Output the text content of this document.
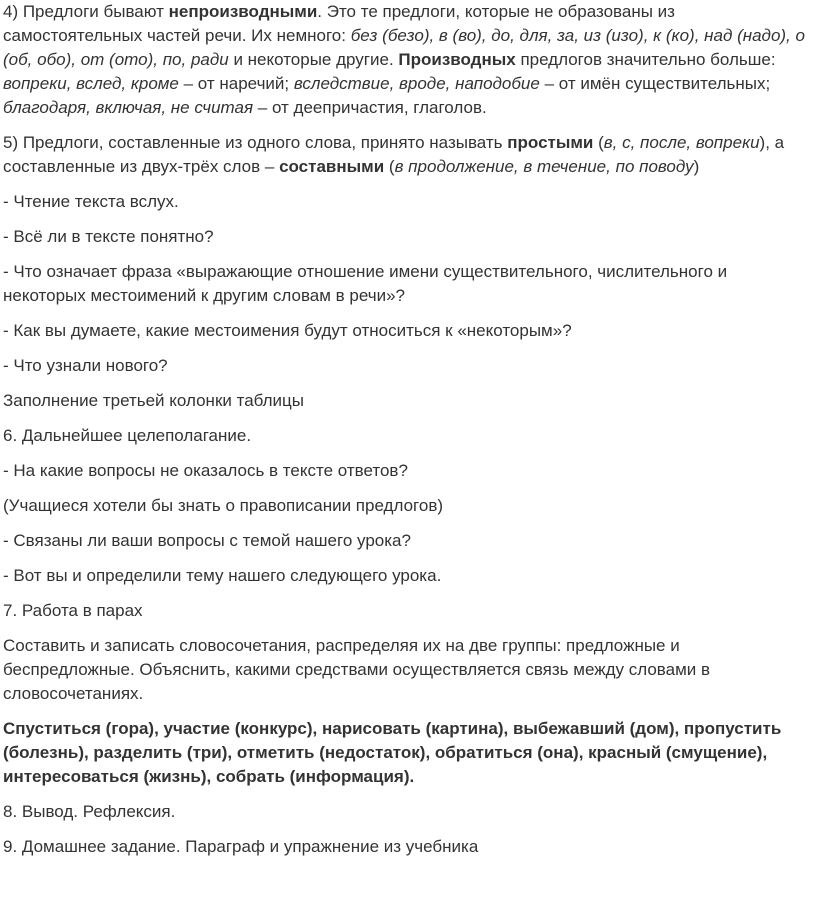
4) Предлоги бывают непроизводными. Это те предлоги, которые не образованы из самостоятельных частей речи. Их немного: без (безо), в (во), до, для, за, из (изо), к (ко), над (надо), о (об, обо), от (ото), по, ради и некоторые другие. Производных предлогов значительно больше: вопреки, вслед, кроме – от наречий; вследствие, вроде, наподобие – от имён существительных; благодаря, включая, не считая – от деепричастия, глаголов.

5) Предлоги, составленные из одного слова, принято называть простыми (в, с, после, вопреки), а составленные из двух-трёх слов – составными (в продолжение, в течение, по поводу)

- Чтение текста вслух.

- Всё ли в тексте понятно?

- Что означает фраза «выражающие отношение имени существительного, числительного и некоторых местоимений к другим словам в речи»?

- Как вы думаете, какие местоимения будут относиться к «некоторым»?

- Что узнали нового?

Заполнение третьей колонки таблицы

6. Дальнейшее целеполагание.

- На какие вопросы не оказалось в тексте ответов?

(Учащиеся хотели бы знать о правописании предлогов)

- Связаны ли ваши вопросы с темой нашего урока?

- Вот вы и определили тему нашего следующего урока.

7. Работа в парах

Составить и записать словосочетания, распределяя их на две группы: предложные и беспредложные. Объяснить, какими средствами осуществляется связь между словами в словосочетаниях.

Спуститься (гора), участие (конкурс), нарисовать (картина), выбежавший (дом), пропустить (болезнь), разделить (три), отметить (недостаток), обратиться (она), красный (смущение), интересоваться (жизнь), собрать (информация).

8. Вывод. Рефлексия.

9. Домашнее задание. Параграф и упражнение из учебника
